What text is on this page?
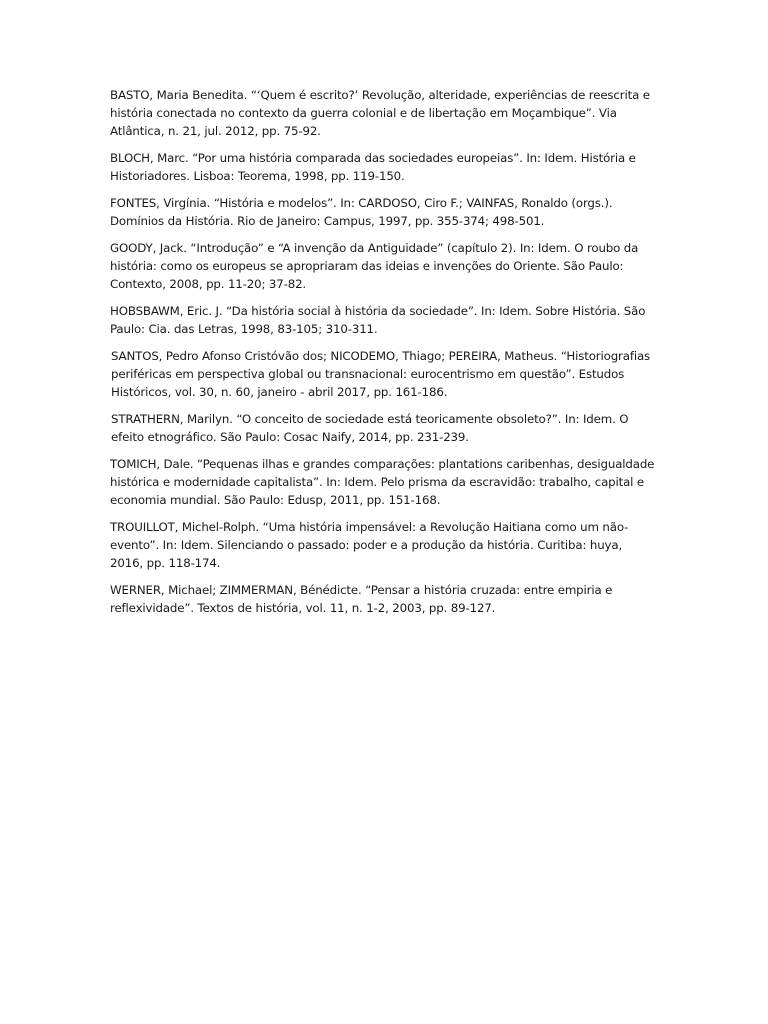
BASTO, Maria Benedita. “‘Quem é escrito?’ Revolução, alteridade, experiências de reescrita e história conectada no contexto da guerra colonial e de libertação em Moçambique”. Via Atlântica, n. 21, jul. 2012, pp. 75-92.

BLOCH, Marc. “Por uma história comparada das sociedades europeias”. In: Idem. História e Historiadores. Lisboa: Teorema, 1998, pp. 119-150.

FONTES, Virgínia. “História e modelos”. In: CARDOSO, Ciro F.; VAINFAS, Ronaldo (orgs.). Domínios da História. Rio de Janeiro: Campus, 1997, pp. 355-374; 498-501.

GOODY, Jack. “Introdução” e “A invenção da Antiguidade” (capítulo 2). In: Idem. O roubo da história: como os europeus se apropriaram das ideias e invenções do Oriente. São Paulo: Contexto, 2008, pp. 11-20; 37-82.

HOBSBAWM, Eric. J. “Da história social à história da sociedade”. In: Idem. Sobre História. São Paulo: Cia. das Letras, 1998, 83-105; 310-311.

SANTOS, Pedro Afonso Cristóvão dos; NICODEMO, Thiago; PEREIRA, Matheus. “Historiografias periféricas em perspectiva global ou transnacional: eurocentrismo em questão”. Estudos Históricos, vol. 30, n. 60, janeiro - abril 2017, pp. 161-186.

STRATHERN, Marilyn. “O conceito de sociedade está teoricamente obsoleto?”. In: Idem. O efeito etnográfico. São Paulo: Cosac Naify, 2014, pp. 231-239.

TOMICH, Dale. “Pequenas ilhas e grandes comparações: plantations caribenhas, desigualdade histórica e modernidade capitalista”. In: Idem. Pelo prisma da escravidão: trabalho, capital e economia mundial. São Paulo: Edusp, 2011, pp. 151-168.

TROUILLOT, Michel-Rolph. “Uma história impensável: a Revolução Haitiana como um não-evento”. In: Idem. Silenciando o passado: poder e a produção da história. Curitiba: huya, 2016, pp. 118-174.

WERNER, Michael; ZIMMERMAN, Bénédicte. “Pensar a história cruzada: entre empiria e reflexividade”. Textos de história, vol. 11, n. 1-2, 2003, pp. 89-127.
